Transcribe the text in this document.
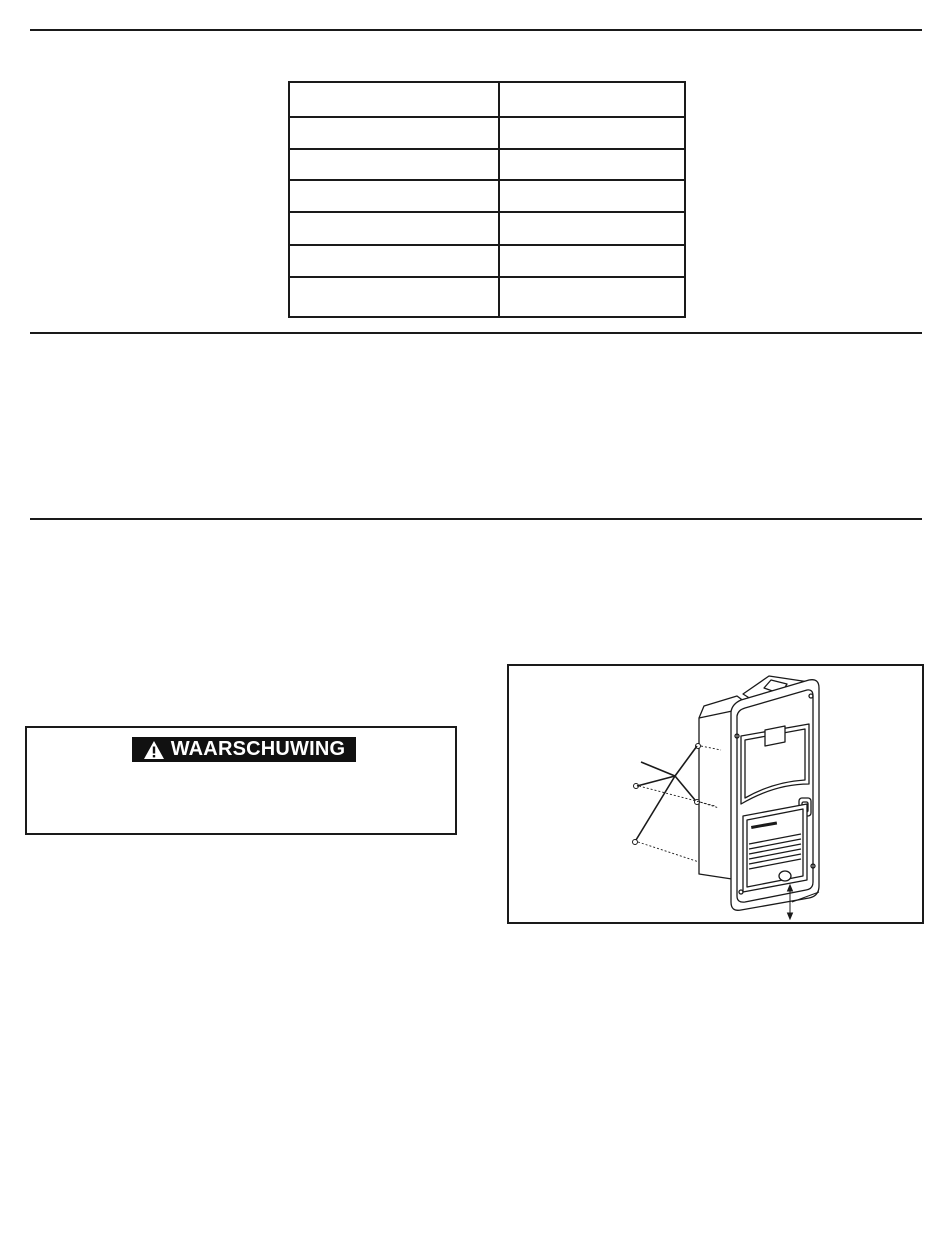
WAARSCHUWING
